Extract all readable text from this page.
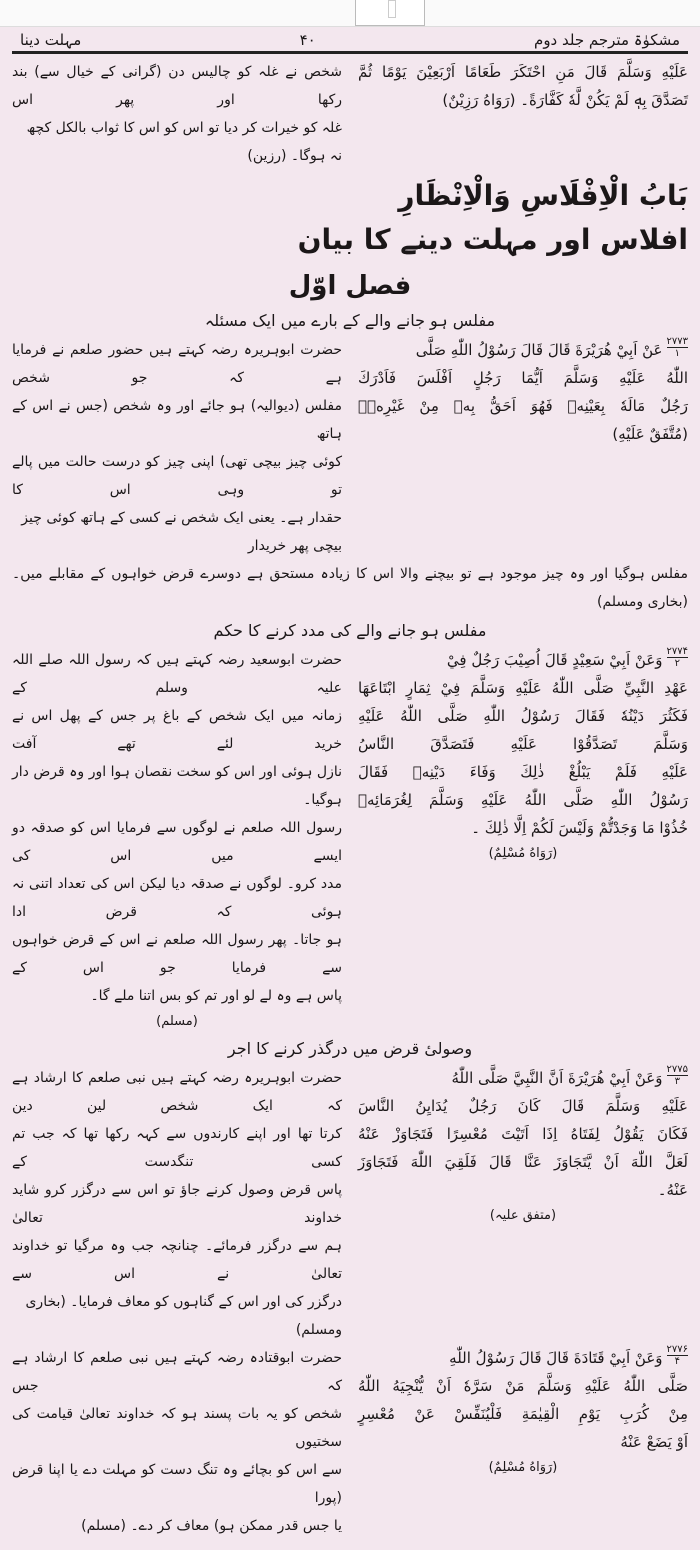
مشکوٰۃ مترجم جلد دوم
۴۰
مہلت دینا
عَلَيْهِ وَسَلَّمَ قَالَ مَنِ احْتَكَرَ طَعَامًا اَرْبَعِيْنَ يَوْمًا ثُمَّ
تَصَدَّقَ بِهٖ لَمْ يَكُنْ لَّهٗ كَفَّارَةً۔ (رَوَاهُ رَزِيْنٌ)
شخص نے غلہ کو چالیس دن (گرانی کے خیال سے) بند رکھا اور پھر اس
غلہ کو خیرات کر دیا تو اس کو اس کا ثواب بالکل کچھ نہ ہوگا۔ (رزین)
بَابُ الْاِفْلَاسِ وَالْاِنْظَارِ
افلاس اور مہلت دینے کا بیان
فصل اوّل
مفلس ہو جانے والے کے بارے میں ایک مسئلہ
۲۷۷۳
۱عَنْ اَبِيْ هُرَيْرَةَ قَالَ قَالَ رَسُوْلُ اللّٰهِ صَلَّى
اللّٰهُ عَلَيْهِ وَسَلَّمَ اَيُّمَا رَجُلٍ اَفْلَسَ فَاَدْرَكَ
رَجُلٌ مَالَهٗ بِعَيْنِهٖ فَهُوَ اَحَقُّ بِهٖ مِنْ غَيْرِهٖ۔
(مُتَّفَقٌ عَلَيْهِ)
حضرت ابوہریرہ رضہ کہتے ہیں حضور صلعم نے فرمایا ہے کہ جو شخص
مفلس (دیوالیہ) ہو جائے اور وہ شخص (جس نے اس کے ہاتھ
کوئی چیز بیچی تھی) اپنی چیز کو درست حالت میں پالے تو وہی اس کا
حقدار ہے۔ یعنی ایک شخص نے کسی کے ہاتھ کوئی چیز بیچی پھر خریدار
مفلس ہوگیا اور وہ چیز موجود ہے تو بیچنے والا اس کا زیادہ مستحق ہے دوسرے قرض خواہوں کے مقابلے میں۔ (بخاری ومسلم)
مفلس ہو جانے والے کی مدد کرنے کا حکم
۲۷۷۴
۲وَعَنْ اَبِيْ سَعِيْدٍ قَالَ اُصِيْبَ رَجُلٌ فِيْ
عَهْدِ النَّبِيِّ صَلَّى اللّٰهُ عَلَيْهِ وَسَلَّمَ فِيْ ثِمَارٍ ابْتَاعَهَا
فَكَثُرَ دَيْنُهٗ فَقَالَ رَسُوْلُ اللّٰهِ صَلَّى اللّٰهُ عَلَيْهِ
وَسَلَّمَ تَصَدَّقُوْا عَلَيْهِ فَتَصَدَّقَ النَّاسُ
عَلَيْهِ فَلَمْ يَبْلُغْ ذٰلِكَ وَفَاءَ دَيْنِهٖ فَقَالَ
رَسُوْلُ اللّٰهِ صَلَّى اللّٰهُ عَلَيْهِ وَسَلَّمَ لِغُرَمَائِهٖ
خُذُوْا مَا وَجَدْتُّمْ وَلَيْسَ لَكُمْ اِلَّا ذٰلِكَ ۔
(رَوَاهُ مُسْلِمٌ)
حضرت ابوسعید رضہ کہتے ہیں کہ رسول اللہ صلے اللہ علیہ وسلم کے
زمانہ میں ایک شخص کے باغ پر جس کے پھل اس نے خرید لئے تھے آفت
نازل ہوئی اور اس کو سخت نقصان ہوا اور وہ قرض دار ہوگیا۔
رسول اللہ صلعم نے لوگوں سے فرمایا اس کو صدقہ دو ایسے میں اس کی
مدد کرو۔ لوگوں نے صدقہ دیا لیکن اس کی تعداد اتنی نہ ہوئی کہ قرض ادا
ہو جاتا۔ پھر رسول اللہ صلعم نے اس کے قرض خواہوں سے فرمایا جو اس کے
پاس ہے وہ لے لو اور تم کو بس اتنا ملے گا۔
(مسلم)
وصولیٔ قرض میں درگذر کرنے کا اجر
۲۷۷۵
۳وَعَنْ اَبِيْ هُرَيْرَةَ اَنَّ النَّبِيَّ صَلَّى اللّٰهُ
عَلَيْهِ وَسَلَّمَ قَالَ كَانَ رَجُلٌ يُدَايِنُ النَّاسَ
فَكَانَ يَقُوْلُ لِفَتَاهُ اِذَا اَتَيْتَ مُعْسِرًا فَتَجَاوَزْ عَنْهُ
لَعَلَّ اللّٰهَ اَنْ يَّتَجَاوَزَ عَنَّا قَالَ فَلَقِيَ اللّٰهَ فَتَجَاوَزَ
عَنْهُ۔
(متفق علیہ)
حضرت ابوہریرہ رضہ کہتے ہیں نبی صلعم کا ارشاد ہے کہ ایک شخص لین دین
کرتا تھا اور اپنے کارندوں سے کہہ رکھا تھا کہ جب تم کسی تنگدست کے
پاس قرض وصول کرنے جاؤ تو اس سے درگزر کرو شاید خداوند تعالیٰ
ہم سے درگزر فرمائے۔ چنانچہ جب وہ مرگیا تو خداوند تعالیٰ نے اس سے
درگزر کی اور اس کے گناہوں کو معاف فرمایا۔ (بخاری ومسلم)
۲۷۷۶
۴وَعَنْ اَبِيْ قَتَادَةَ قَالَ قَالَ رَسُوْلُ اللّٰهِ
صَلَّى اللّٰهُ عَلَيْهِ وَسَلَّمَ مَنْ سَرَّهٗ اَنْ يُّنْجِيَهُ اللّٰهُ
مِنْ كُرَبِ يَوْمِ الْقِيٰمَةِ فَلْيُنَفِّسْ عَنْ مُعْسِرٍ
اَوْ يَضَعْ عَنْهُ
(رَوَاهُ مُسْلِمٌ)
حضرت ابوقتادہ رضہ کہتے ہیں نبی صلعم کا ارشاد ہے کہ جس
شخص کو یہ بات پسند ہو کہ خداوند تعالیٰ قیامت کی سختیوں
سے اس کو بچائے وہ تنگ دست کو مہلت دے یا اپنا قرض (پورا
یا جس قدر ممکن ہو) معاف کر دے۔ (مسلم)
